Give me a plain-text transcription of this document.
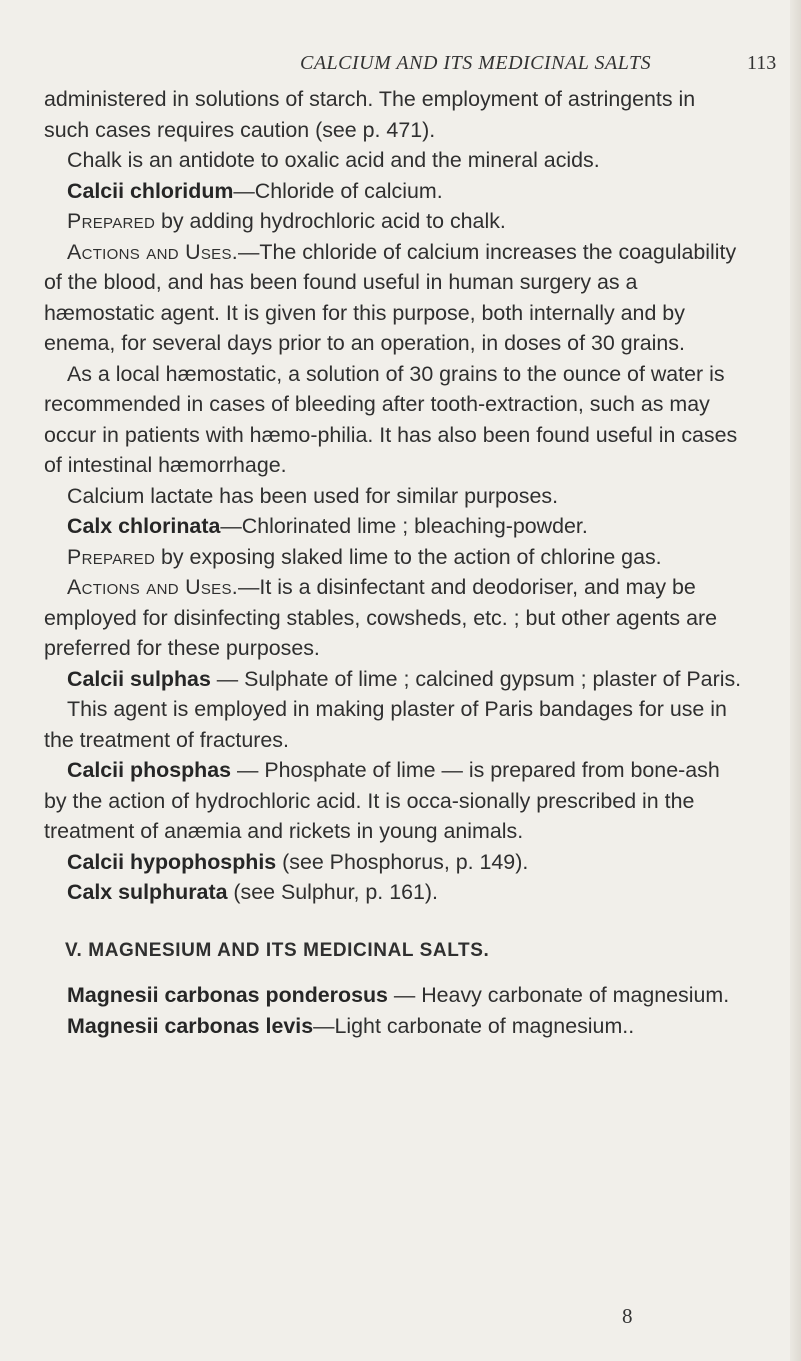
CALCIUM AND ITS MEDICINAL SALTS	113

administered in solutions of starch. The employment of astringents in such cases requires caution (see p. 471).

Chalk is an antidote to oxalic acid and the mineral acids.

Calcii chloridum—Chloride of calcium.

Prepared by adding hydrochloric acid to chalk.

Actions and Uses.—The chloride of calcium increases the coagulability of the blood, and has been found useful in human surgery as a hæmostatic agent. It is given for this purpose, both internally and by enema, for several days prior to an operation, in doses of 30 grains.

As a local hæmostatic, a solution of 30 grains to the ounce of water is recommended in cases of bleeding after tooth-extraction, such as may occur in patients with hæmo-philia. It has also been found useful in cases of intestinal hæmorrhage.

Calcium lactate has been used for similar purposes.

Calx chlorinata—Chlorinated lime ; bleaching-powder.

Prepared by exposing slaked lime to the action of chlorine gas.

Actions and Uses.—It is a disinfectant and deodoriser, and may be employed for disinfecting stables, cowsheds, etc. ; but other agents are preferred for these purposes.

Calcii sulphas — Sulphate of lime ; calcined gypsum ; plaster of Paris.

This agent is employed in making plaster of Paris bandages for use in the treatment of fractures.

Calcii phosphas — Phosphate of lime — is prepared from bone-ash by the action of hydrochloric acid. It is occa-sionally prescribed in the treatment of anæmia and rickets in young animals.

Calcii hypophosphis (see Phosphorus, p. 149).

Calx sulphurata (see Sulphur, p. 161).

V. MAGNESIUM AND ITS MEDICINAL SALTS.

Magnesii carbonas ponderosus — Heavy carbonate of magnesium.

Magnesii carbonas levis—Light carbonate of magnesium..

8
